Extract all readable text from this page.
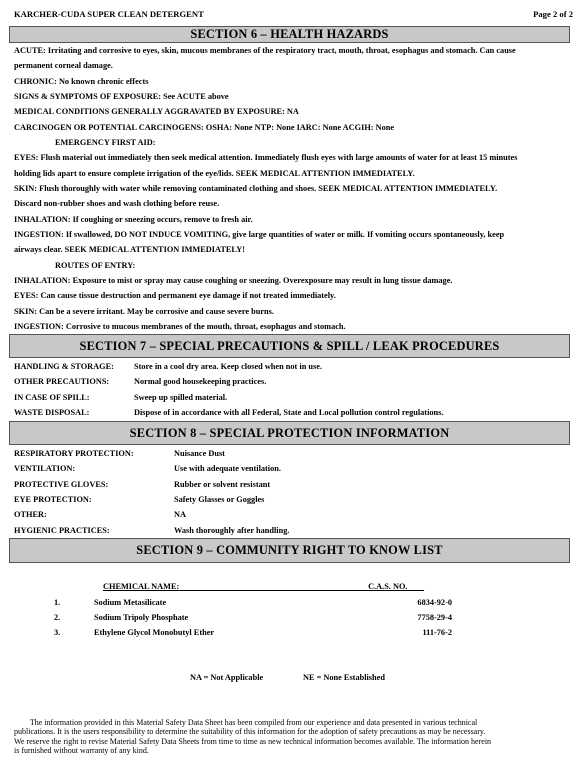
KARCHER-CUDA SUPER CLEAN DETERGENT	Page 2 of 2
SECTION 6 – HEALTH HAZARDS
ACUTE: Irritating and corrosive to eyes, skin, mucous membranes of the respiratory tract, mouth, throat, esophagus and stomach. Can cause
permanent corneal damage.
CHRONIC: No known chronic effects
SIGNS & SYMPTOMS OF EXPOSURE: See ACUTE above
MEDICAL CONDITIONS GENERALLY AGGRAVATED BY EXPOSURE: NA
CARCINOGEN OR POTENTIAL CARCINOGENS: OSHA: None NTP: None IARC: None ACGIH: None
EMERGENCY FIRST AID:
EYES: Flush material out immediately then seek medical attention. Immediately flush eyes with large amounts of water for at least 15 minutes
holding lids apart to ensure complete irrigation of the eye/lids. SEEK MEDICAL ATTENTION IMMEDIATELY.
SKIN: Flush thoroughly with water while removing contaminated clothing and shoes. SEEK MEDICAL ATTENTION IMMEDIATELY.
Discard non-rubber shoes and wash clothing before reuse.
INHALATION: If coughing or sneezing occurs, remove to fresh air.
INGESTION: If swallowed, DO NOT INDUCE VOMITING, give large quantities of water or milk. If vomiting occurs spontaneously, keep
airways clear. SEEK MEDICAL ATTENTION IMMEDIATELY!
ROUTES OF ENTRY:
INHALATION: Exposure to mist or spray may cause coughing or sneezing. Overexposure may result in lung tissue damage.
EYES: Can cause tissue destruction and permanent eye damage if not treated immediately.
SKIN: Can be a severe irritant. May be corrosive and cause severe burns.
INGESTION: Corrosive to mucous membranes of the mouth, throat, esophagus and stomach.
SECTION 7 – SPECIAL PRECAUTIONS & SPILL / LEAK PROCEDURES
HANDLING & STORAGE: Store in a cool dry area. Keep closed when not in use.
OTHER PRECAUTIONS:	Normal good housekeeping practices.
IN CASE OF SPILL:	Sweep up spilled material.
WASTE DISPOSAL:	Dispose of in accordance with all Federal, State and Local pollution control regulations.
SECTION 8 – SPECIAL PROTECTION INFORMATION
RESPIRATORY PROTECTION:	Nuisance Dust
VENTILATION:	Use with adequate ventilation.
PROTECTIVE GLOVES:	Rubber or solvent resistant
EYE PROTECTION:	Safety Glasses or Goggles
OTHER:	NA
HYGIENIC PRACTICES:	Wash thoroughly after handling.
SECTION 9 – COMMUNITY RIGHT TO KNOW LIST
CHEMICAL NAME:	C.A.S. NO.
1.	Sodium Metasilicate	6834-92-0
2.	Sodium Tripoly Phosphate	7758-29-4
3.	Ethylene Glycol Monobutyl Ether	111-76-2
NA = Not Applicable	NE = None Established
The information provided in this Material Safety Data Sheet has been compiled from our experience and data presented in various technical
publications. It is the users responsibility to determine the suitability of this information for the adoption of safety precautions as may be necessary.
We reserve the right to revise Material Safety Data Sheets from time to time as new technical information becomes available. The information herein
is furnished without warranty of any kind.
